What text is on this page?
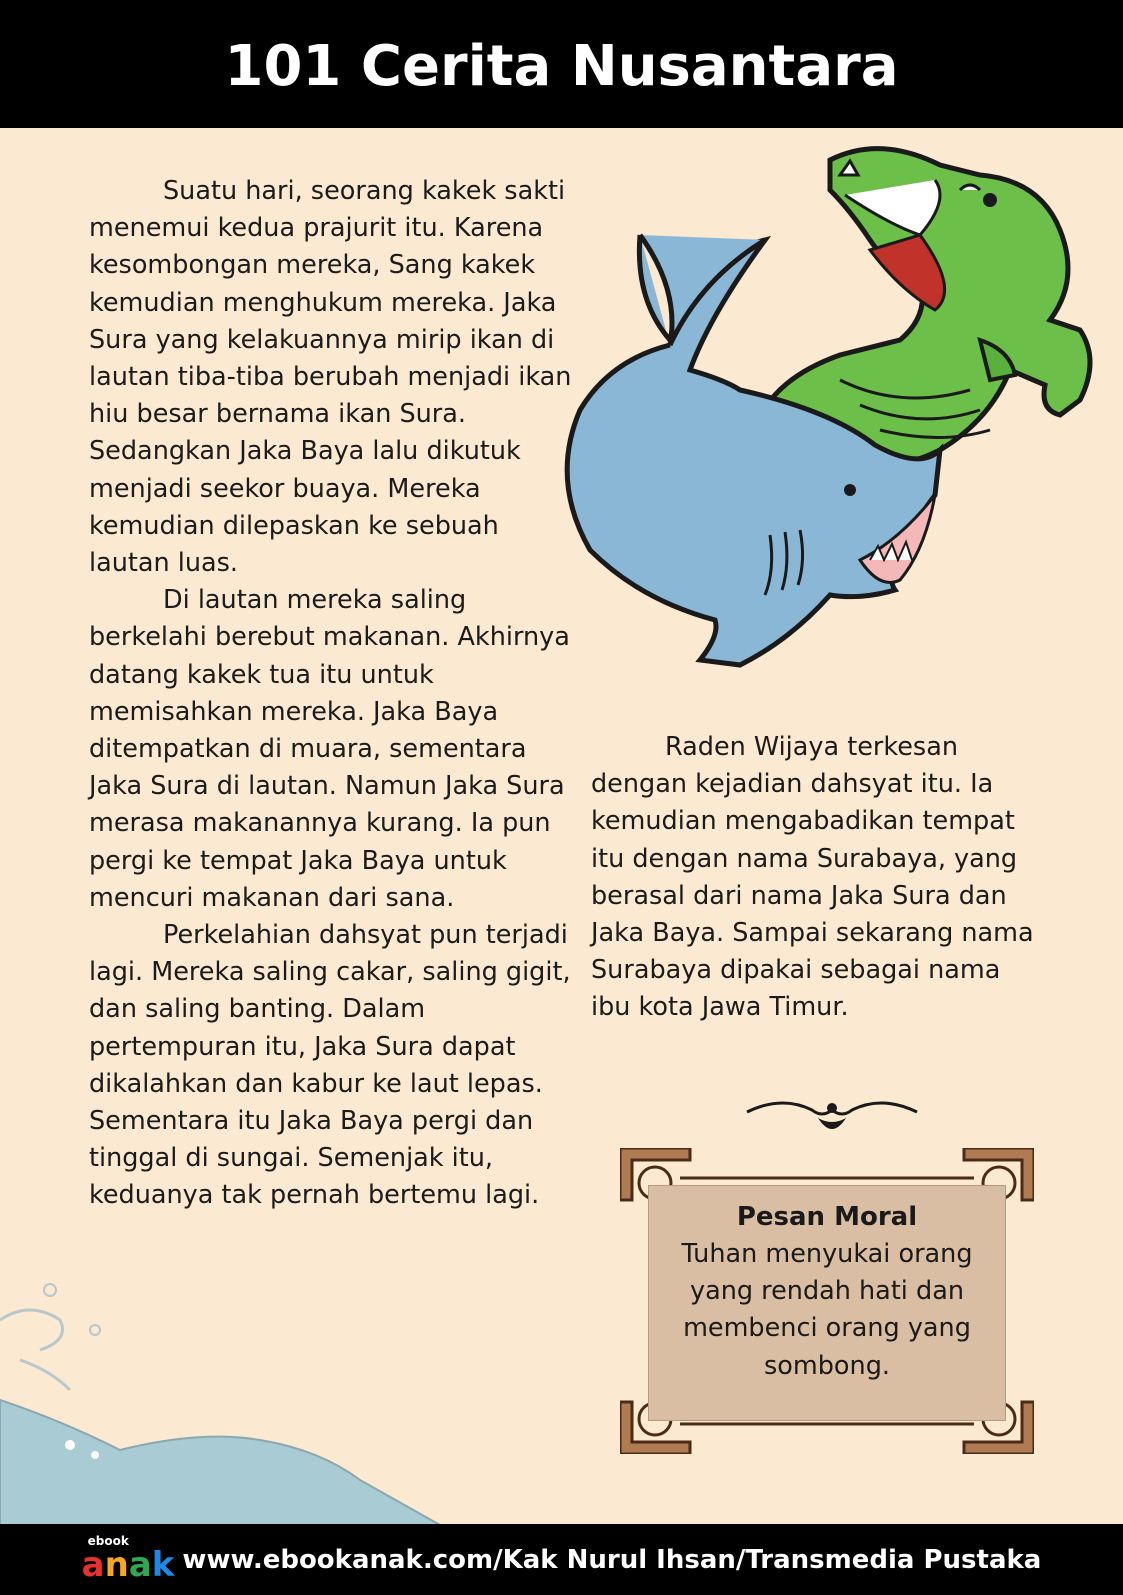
101 Cerita Nusantara

Suatu hari, seorang kakek sakti menemui kedua prajurit itu. Karena kesombongan mereka, Sang kakek kemudian menghukum mereka. Jaka Sura yang kelakuannya mirip ikan di lautan tiba-tiba berubah menjadi ikan hiu besar bernama ikan Sura. Sedangkan Jaka Baya lalu dikutuk menjadi seekor buaya. Mereka kemudian dilepaskan ke sebuah lautan luas.

Di lautan mereka saling berkelahi berebut makanan. Akhirnya datang kakek tua itu untuk memisahkan mereka. Jaka Baya ditempatkan di muara, sementara Jaka Sura di lautan. Namun Jaka Sura merasa makanannya kurang. Ia pun pergi ke tempat Jaka Baya untuk mencuri makanan dari sana.

Perkelahian dahsyat pun terjadi lagi. Mereka saling cakar, saling gigit, dan saling banting. Dalam pertempuran itu, Jaka Sura dapat dikalahkan dan kabur ke laut lepas. Sementara itu Jaka Baya pergi dan tinggal di sungai. Semenjak itu, keduanya tak pernah bertemu lagi.

Raden Wijaya terkesan dengan kejadian dahsyat itu. Ia kemudian mengabadikan tempat itu dengan nama Surabaya, yang berasal dari nama Jaka Sura dan Jaka Baya. Sampai sekarang nama Surabaya dipakai sebagai nama ibu kota Jawa Timur.

Pesan Moral
Tuhan menyukai orang yang rendah hati dan membenci orang yang sombong.
ebook
a n a k www.ebookanak.com/Kak Nurul Ihsan/Transmedia Pustaka
